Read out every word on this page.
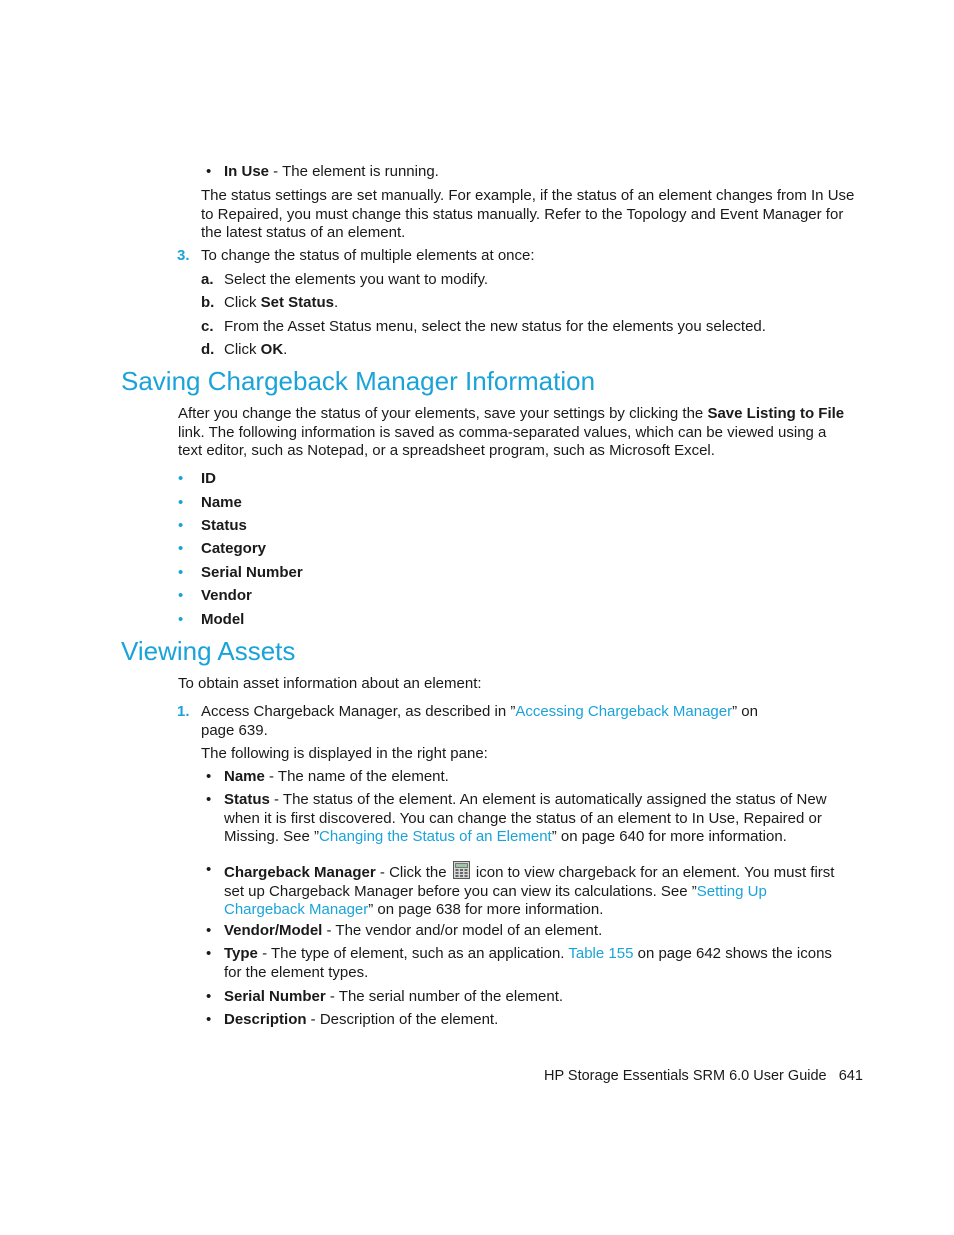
• In Use - The element is running.
The status settings are set manually. For example, if the status of an element changes from In Use
to Repaired, you must change this status manually. Refer to the Topology and Event Manager for
the latest status of an element.
3. To change the status of multiple elements at once:
a. Select the elements you want to modify.
b. Click Set Status.
c. From the Asset Status menu, select the new status for the elements you selected.
d. Click OK.
Saving Chargeback Manager Information
After you change the status of your elements, save your settings by clicking the Save Listing to File
link. The following information is saved as comma-separated values, which can be viewed using a
text editor, such as Notepad, or a spreadsheet program, such as Microsoft Excel.
• ID
• Name
• Status
• Category
• Serial Number
• Vendor
• Model
Viewing Assets
To obtain asset information about an element:
1. Access Chargeback Manager, as described in ”Accessing Chargeback Manager” on
page 639.
The following is displayed in the right pane:
• Name - The name of the element.
• Status - The status of the element. An element is automatically assigned the status of New
when it is first discovered. You can change the status of an element to In Use, Repaired or
Missing. See ”Changing the Status of an Element” on page 640 for more information.
• Chargeback Manager - Click the  icon to view chargeback for an element. You must first
set up Chargeback Manager before you can view its calculations. See ”Setting Up
Chargeback Manager” on page 638 for more information.
• Vendor/Model - The vendor and/or model of an element.
• Type - The type of element, such as an application. Table 155 on page 642 shows the icons
for the element types.
• Serial Number - The serial number of the element.
• Description - Description of the element.
HP Storage Essentials SRM 6.0 User Guide 641
